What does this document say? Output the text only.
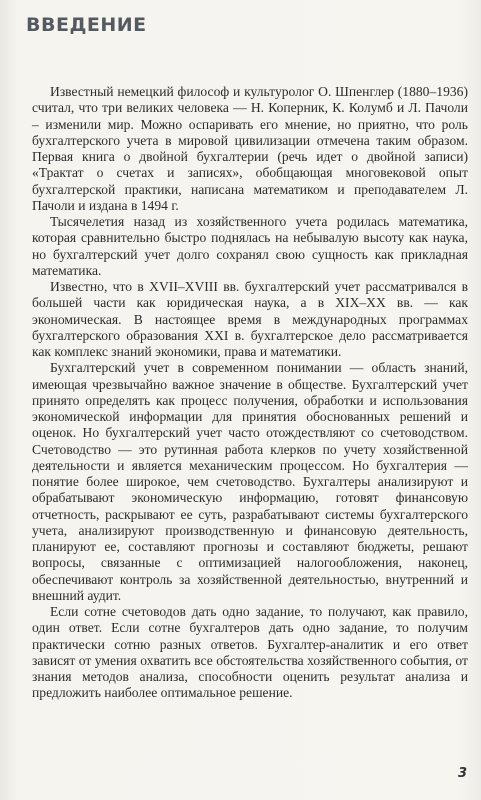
ВВЕДЕНИЕ

Известный немецкий философ и культуролог О. Шпенглер (1880–1936) считал, что три великих человека — Н. Коперник, К. Колумб и Л. Пачоли – изменили мир. Можно оспаривать его мнение, но приятно, что роль бухгалтерского учета в мировой цивилизации отмечена таким образом. Первая книга о двойной бухгалтерии (речь идет о двойной записи) «Трактат о счетах и записях», обобщающая многовековой опыт бухгалтерской практики, написана математиком и преподавателем Л. Пачоли и издана в 1494 г.

Тысячелетия назад из хозяйственного учета родилась математика, которая сравнительно быстро поднялась на небывалую высоту как наука, но бухгалтерский учет долго сохранял свою сущность как прикладная математика.

Известно, что в XVII–XVIII вв. бухгалтерский учет рассматривался в большей части как юридическая наука, а в XIX–XX вв. — как экономическая. В настоящее время в международных программах бухгалтерского образования XXI в. бухгалтерское дело рассматривается как комплекс знаний экономики, права и математики.

Бухгалтерский учет в современном понимании — область знаний, имеющая чрезвычайно важное значение в обществе. Бухгалтерский учет принято определять как процесс получения, обработки и использования экономической информации для принятия обоснованных решений и оценок. Но бухгалтерский учет часто отождествляют со счетоводством. Счетоводство — это рутинная работа клерков по учету хозяйственной деятельности и является механическим процессом. Но бухгалтерия — понятие более широкое, чем счетоводство. Бухгалтеры анализируют и обрабатывают экономическую информацию, готовят финансовую отчетность, раскрывают ее суть, разрабатывают системы бухгалтерского учета, анализируют производственную и финансовую деятельность, планируют ее, составляют прогнозы и составляют бюджеты, решают вопросы, связанные с оптимизацией налогообложения, наконец, обеспечивают контроль за хозяйственной деятельностью, внутренний и внешний аудит.

Если сотне счетоводов дать одно задание, то получают, как правило, один ответ. Если сотне бухгалтеров дать одно задание, то получим практически сотню разных ответов. Бухгалтер-аналитик и его ответ зависят от умения охватить все обстоятельства хозяйственного события, от знания методов анализа, способности оценить результат анализа и предложить наиболее оптимальное решение.

3
